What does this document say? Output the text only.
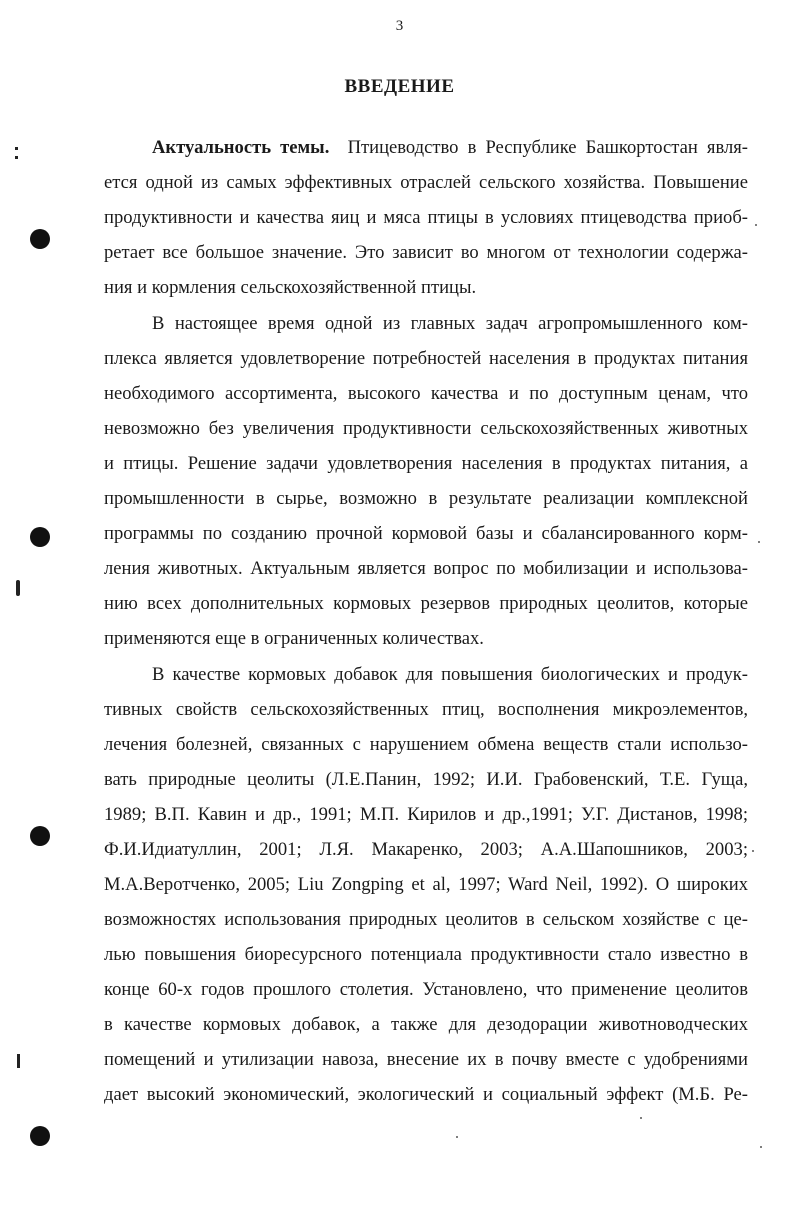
3
ВВЕДЕНИЕ
Актуальность темы. Птицеводство в Республике Башкортостан явля-
ется одной из самых эффективных отраслей сельского хозяйства. Повышение
продуктивности и качества яиц и мяса птицы в условиях птицеводства приоб-
ретает все большое значение. Это зависит во многом от технологии содержа-
ния и кормления сельскохозяйственной птицы.
В настоящее время одной из главных задач агропромышленного ком-
плекса является удовлетворение потребностей населения в продуктах питания
необходимого ассортимента, высокого качества и по доступным ценам, что
невозможно без увеличения продуктивности сельскохозяйственных животных
и птицы. Решение задачи удовлетворения населения в продуктах питания, а
промышленности в сырье, возможно в результате реализации комплексной
программы по созданию прочной кормовой базы и сбалансированного корм-
ления животных. Актуальным является вопрос по мобилизации и использова-
нию всех дополнительных кормовых резервов природных цеолитов, которые
применяются еще в ограниченных количествах.
В качестве кормовых добавок для повышения биологических и продук-
тивных свойств сельскохозяйственных птиц, восполнения микроэлементов,
лечения болезней, связанных с нарушением обмена веществ стали использо-
вать природные цеолиты (Л.Е.Панин, 1992; И.И. Грабовенский, Т.Е. Гуща,
1989; В.П. Кавин и др., 1991; М.П. Кирилов и др.,1991; У.Г. Дистанов, 1998;
Ф.И.Идиатуллин, 2001; Л.Я. Макаренко, 2003; А.А.Шапошников, 2003;
М.А.Веротченко, 2005; Liu Zongping et al, 1997; Ward Neil, 1992). О широких
возможностях использования природных цеолитов в сельском хозяйстве с це-
лью повышения биоресурсного потенциала продуктивности стало известно в
конце 60-х годов прошлого столетия. Установлено, что применение цеолитов
в качестве кормовых добавок, а также для дезодорации животноводческих
помещений и утилизации навоза, внесение их в почву вместе с удобрениями
дает высокий экономический, экологический и социальный эффект (М.Б. Ре-
